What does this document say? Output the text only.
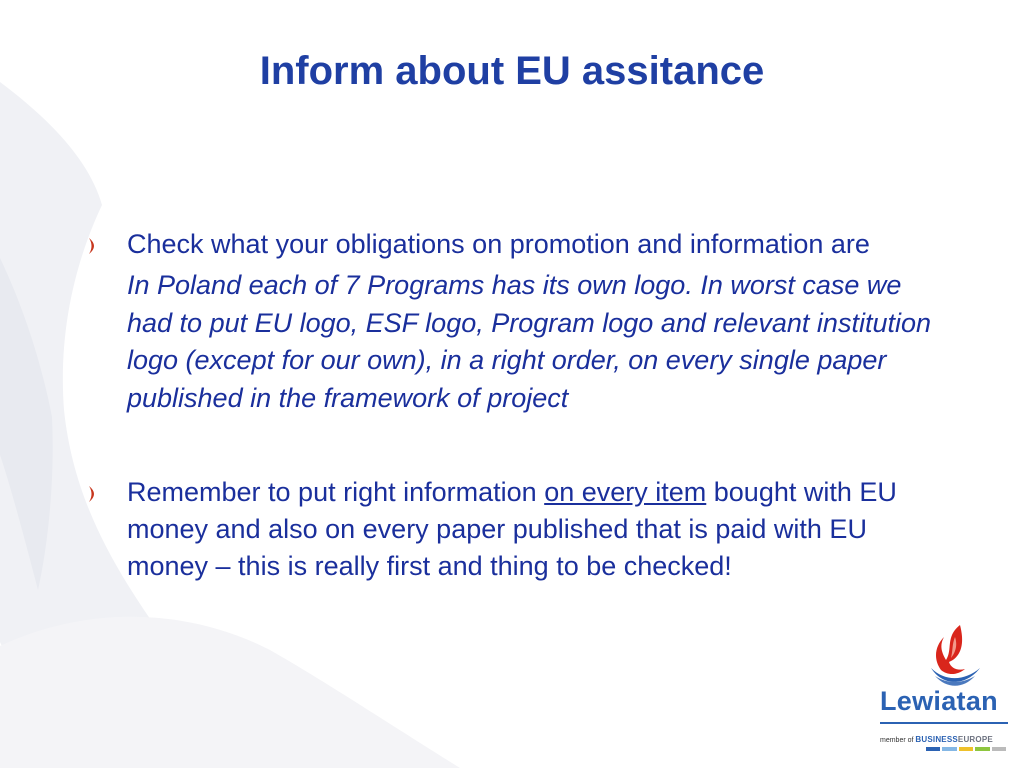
Inform about EU assitance
Check what your obligations on promotion and information are
In Poland each of 7 Programs has its own logo. In worst case we had to put EU logo, ESF logo, Program logo and relevant institution logo (except for our own), in a right order, on every single paper published in the framework of project
Remember to put right information on every item bought with EU money and also on every paper published that is paid with EU money – this is really first and thing to be checked!
Lewiatan
member of BUSINESSEUROPE
